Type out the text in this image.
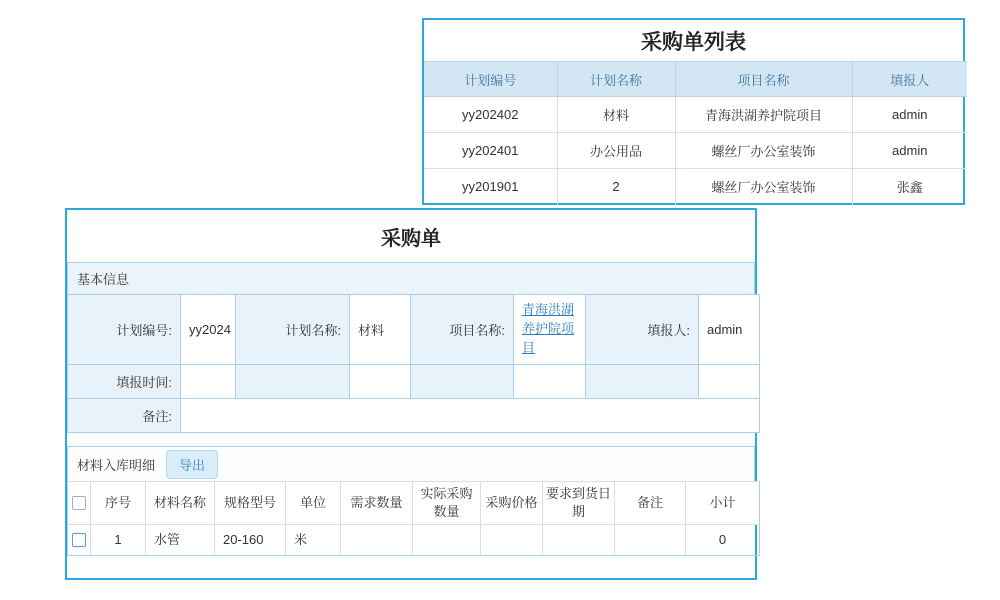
采购单列表
计划编号	计划名称	项目名称	填报人
yy202402	材料	青海洪湖养护院项目	admin
yy202401	办公用品	螺丝厂办公室装饰	admin
yy201901	2	螺丝厂办公室装饰	张鑫
采购单
基本信息
计划编号:	yy2024	计划名称:	材料	项目名称:	青海洪湖养护院项目	填报人:	admin
填报时间:							
备注:							
材料入库明细	导出
	序号	材料名称	规格型号	单位	需求数量	实际采购数量	采购价格	要求到货日期	备注	小计

	1	水管	20-160	米						0
